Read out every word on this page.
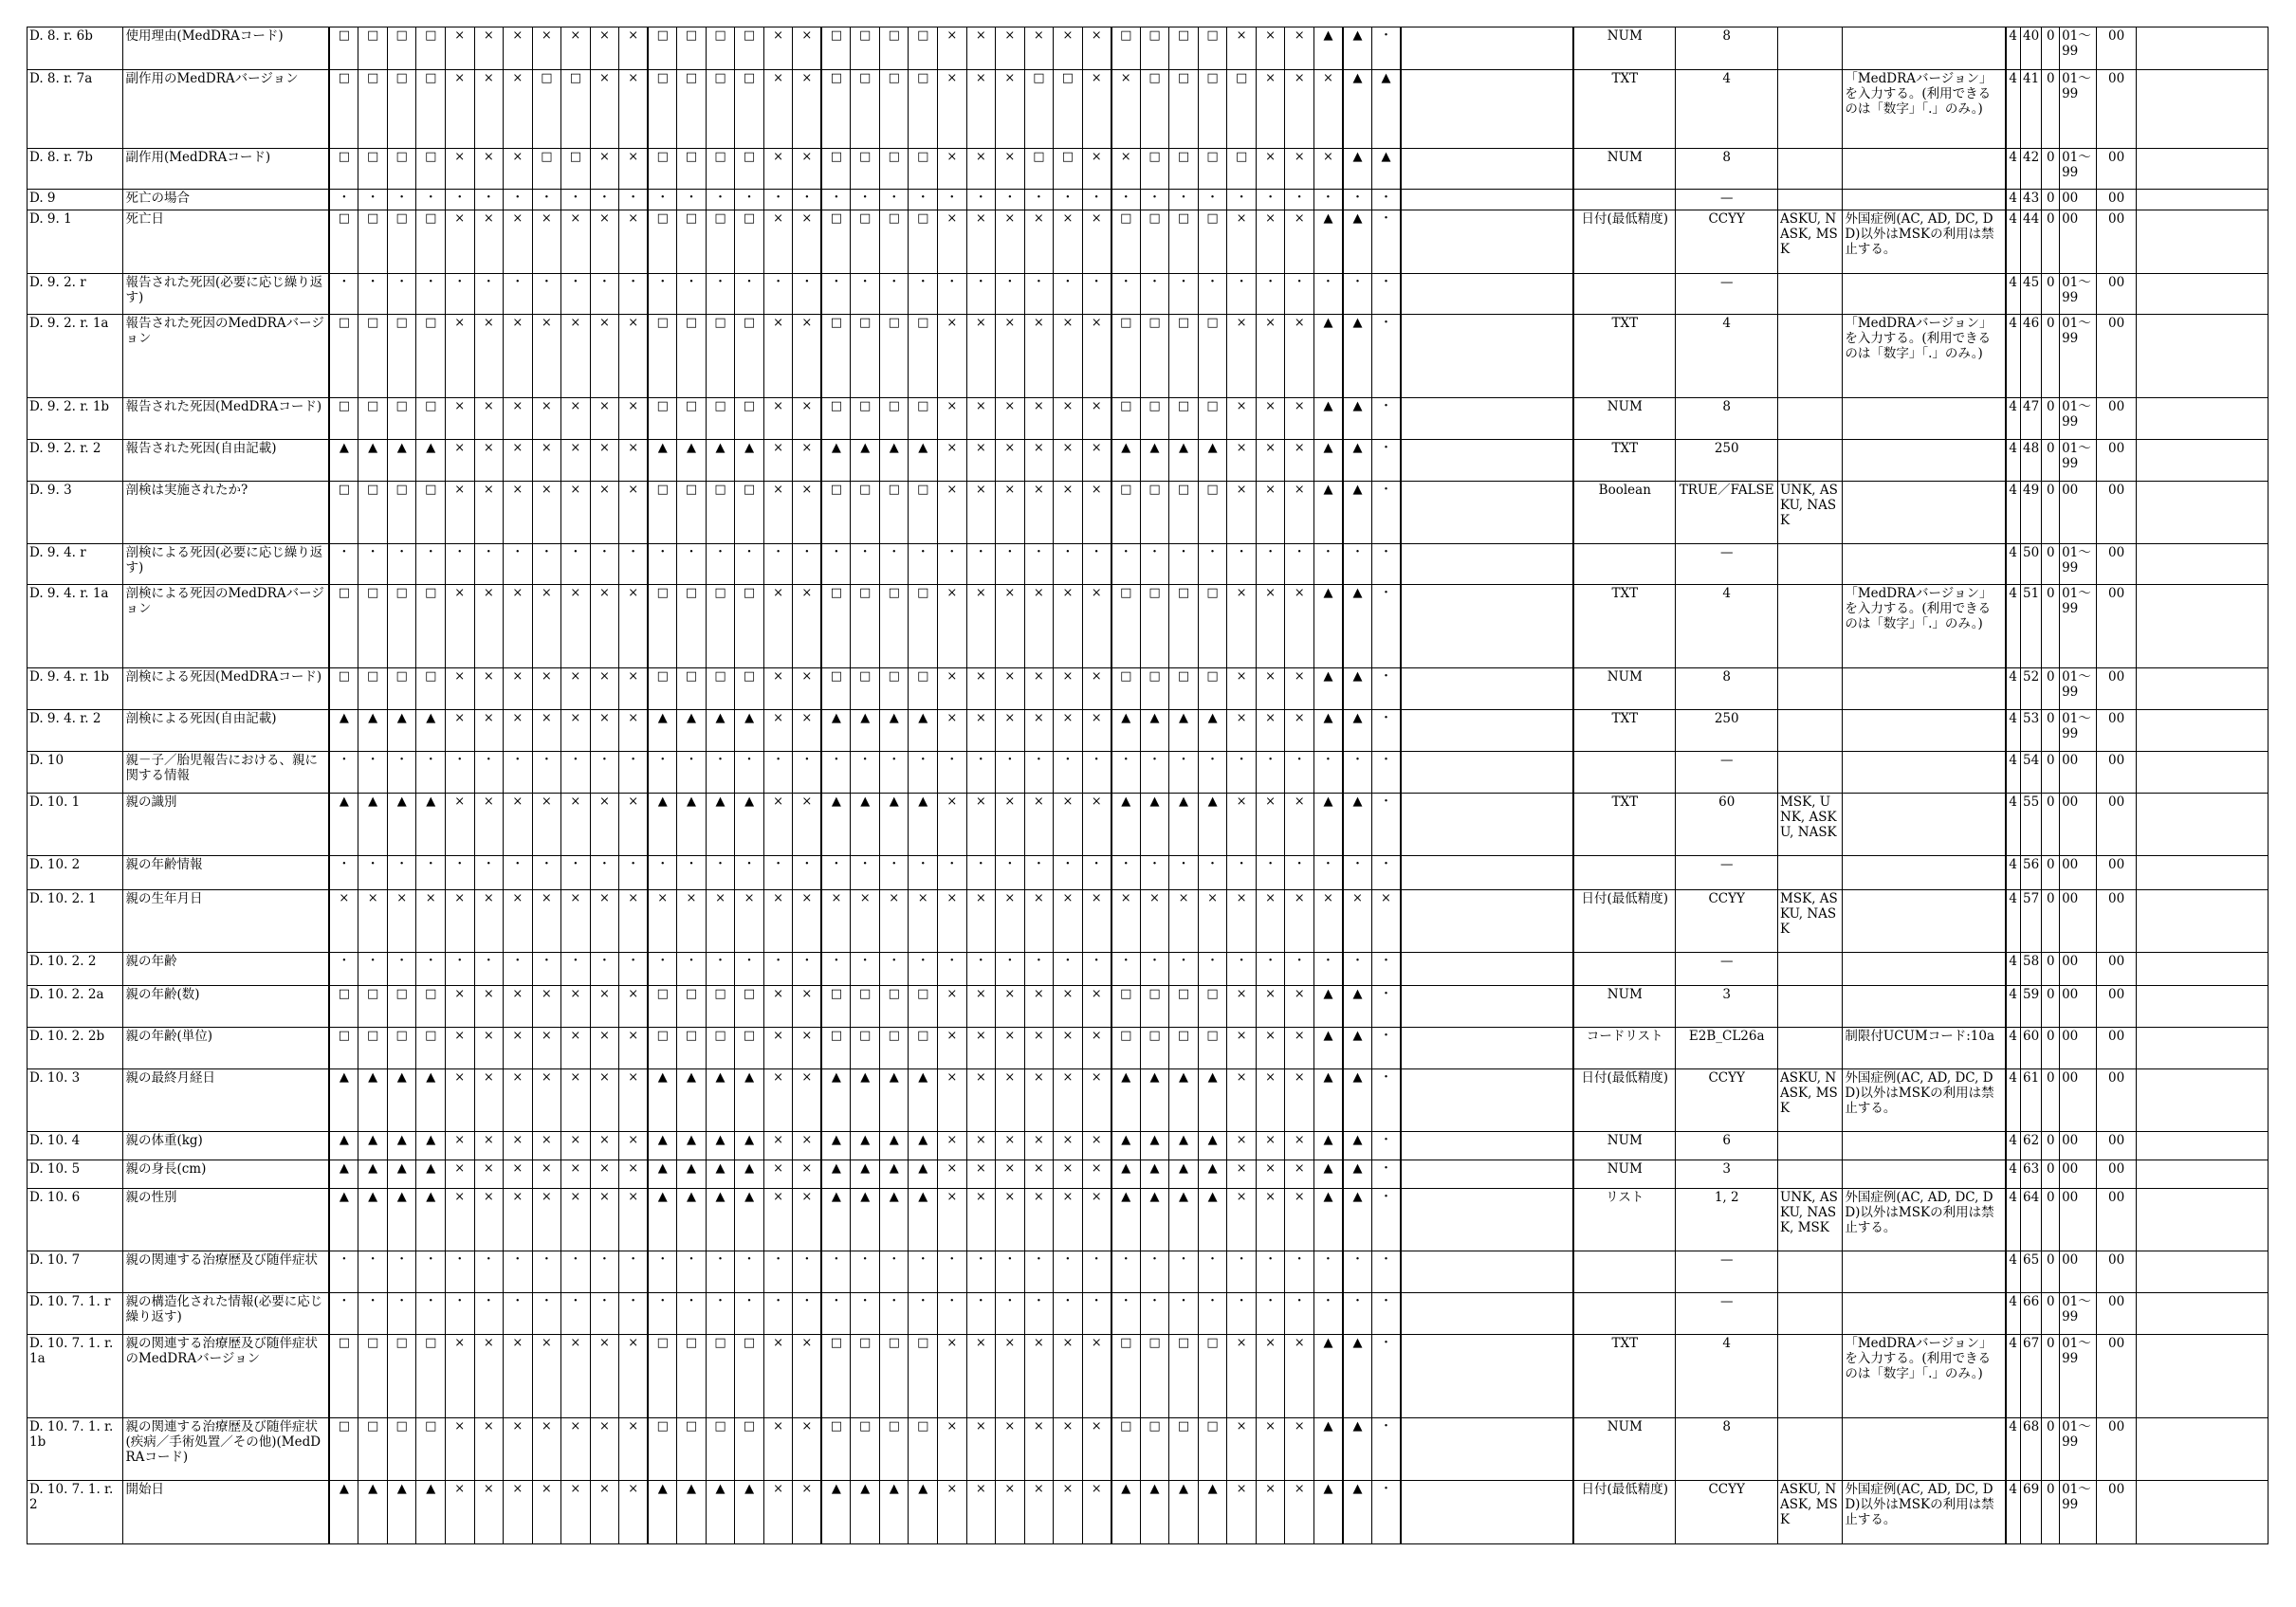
D. 8. r. 6b	使用理由(MedDRAコード)	□	□	□	□	×	×	×	×	×	×	×	□	□	□	□	×	×	□	□	□	□	×	×	×	×	×	×	□	□	□	□	×	×	×	▲	▲	・		NUM	8			4	40	0	01～99	00	
D. 8. r. 7a	副作用のMedDRAバージョン	□	□	□	□	×	×	×	□	□	×	×	□	□	□	□	×	×	□	□	□	□	×	×	×	□	□	×	×	□	□	□	□	×	×	×	▲	▲		TXT	4		「MedDRAバージョン」を入力する。(利用できるのは「数字」「.」のみ。)	4	41	0	01～99	00	
D. 8. r. 7b	副作用(MedDRAコード)	□	□	□	□	×	×	×	□	□	×	×	□	□	□	□	×	×	□	□	□	□	×	×	×	□	□	×	×	□	□	□	□	×	×	×	▲	▲		NUM	8			4	42	0	01～99	00	
D. 9	死亡の場合	・	・	・	・	・	・	・	・	・	・	・	・	・	・	・	・	・	・	・	・	・	・	・	・	・	・	・	・	・	・	・	・	・	・	・	・	・			—			4	43	0	00	00	
D. 9. 1	死亡日	□	□	□	□	×	×	×	×	×	×	×	□	□	□	□	×	×	□	□	□	□	×	×	×	×	×	×	□	□	□	□	×	×	×	▲	▲	・		日付(最低精度)	CCYY	ASKU, NASK, MSK	外国症例(AC, AD, DC, DD)以外はMSKの利用は禁止する。	4	44	0	00	00	
D. 9. 2. r	報告された死因(必要に応じ繰り返す)	・	・	・	・	・	・	・	・	・	・	・	・	・	・	・	・	・	・	・	・	・	・	・	・	・	・	・	・	・	・	・	・	・	・	・	・	・			—			4	45	0	01～99	00	
D. 9. 2. r. 1a	報告された死因のMedDRAバージョン	□	□	□	□	×	×	×	×	×	×	×	□	□	□	□	×	×	□	□	□	□	×	×	×	×	×	×	□	□	□	□	×	×	×	▲	▲	・		TXT	4		「MedDRAバージョン」を入力する。(利用できるのは「数字」「.」のみ。)	4	46	0	01～99	00	
D. 9. 2. r. 1b	報告された死因(MedDRAコード)	□	□	□	□	×	×	×	×	×	×	×	□	□	□	□	×	×	□	□	□	□	×	×	×	×	×	×	□	□	□	□	×	×	×	▲	▲	・		NUM	8			4	47	0	01～99	00	
D. 9. 2. r. 2	報告された死因(自由記載)	▲	▲	▲	▲	×	×	×	×	×	×	×	▲	▲	▲	▲	×	×	▲	▲	▲	▲	×	×	×	×	×	×	▲	▲	▲	▲	×	×	×	▲	▲	・		TXT	250			4	48	0	01～99	00	
D. 9. 3	剖検は実施されたか?	□	□	□	□	×	×	×	×	×	×	×	□	□	□	□	×	×	□	□	□	□	×	×	×	×	×	×	□	□	□	□	×	×	×	▲	▲	・		Boolean	TRUE／FALSE	UNK, ASKU, NASK		4	49	0	00	00	
D. 9. 4. r	剖検による死因(必要に応じ繰り返す)	・	・	・	・	・	・	・	・	・	・	・	・	・	・	・	・	・	・	・	・	・	・	・	・	・	・	・	・	・	・	・	・	・	・	・	・	・			—			4	50	0	01～99	00	
D. 9. 4. r. 1a	剖検による死因のMedDRAバージョン	□	□	□	□	×	×	×	×	×	×	×	□	□	□	□	×	×	□	□	□	□	×	×	×	×	×	×	□	□	□	□	×	×	×	▲	▲	・		TXT	4		「MedDRAバージョン」を入力する。(利用できるのは「数字」「.」のみ。)	4	51	0	01～99	00	
D. 9. 4. r. 1b	剖検による死因(MedDRAコード)	□	□	□	□	×	×	×	×	×	×	×	□	□	□	□	×	×	□	□	□	□	×	×	×	×	×	×	□	□	□	□	×	×	×	▲	▲	・		NUM	8			4	52	0	01～99	00	
D. 9. 4. r. 2	剖検による死因(自由記載)	▲	▲	▲	▲	×	×	×	×	×	×	×	▲	▲	▲	▲	×	×	▲	▲	▲	▲	×	×	×	×	×	×	▲	▲	▲	▲	×	×	×	▲	▲	・		TXT	250			4	53	0	01～99	00	
D. 10	親－子／胎児報告における、親に関する情報	・	・	・	・	・	・	・	・	・	・	・	・	・	・	・	・	・	・	・	・	・	・	・	・	・	・	・	・	・	・	・	・	・	・	・	・	・			—			4	54	0	00	00	
D. 10. 1	親の識別	▲	▲	▲	▲	×	×	×	×	×	×	×	▲	▲	▲	▲	×	×	▲	▲	▲	▲	×	×	×	×	×	×	▲	▲	▲	▲	×	×	×	▲	▲	・		TXT	60	MSK, UNK, ASKU, NASK		4	55	0	00	00	
D. 10. 2	親の年齢情報	・	・	・	・	・	・	・	・	・	・	・	・	・	・	・	・	・	・	・	・	・	・	・	・	・	・	・	・	・	・	・	・	・	・	・	・	・			—			4	56	0	00	00	
D. 10. 2. 1	親の生年月日	×	×	×	×	×	×	×	×	×	×	×	×	×	×	×	×	×	×	×	×	×	×	×	×	×	×	×	×	×	×	×	×	×	×	×	×	×		日付(最低精度)	CCYY	MSK, ASKU, NASK		4	57	0	00	00	
D. 10. 2. 2	親の年齢	・	・	・	・	・	・	・	・	・	・	・	・	・	・	・	・	・	・	・	・	・	・	・	・	・	・	・	・	・	・	・	・	・	・	・	・	・			—			4	58	0	00	00	
D. 10. 2. 2a	親の年齢(数)	□	□	□	□	×	×	×	×	×	×	×	□	□	□	□	×	×	□	□	□	□	×	×	×	×	×	×	□	□	□	□	×	×	×	▲	▲	・		NUM	3			4	59	0	00	00	
D. 10. 2. 2b	親の年齢(単位)	□	□	□	□	×	×	×	×	×	×	×	□	□	□	□	×	×	□	□	□	□	×	×	×	×	×	×	□	□	□	□	×	×	×	▲	▲	・		コードリスト	E2B_CL26a		制限付UCUMコード:10a	4	60	0	00	00	
D. 10. 3	親の最終月経日	▲	▲	▲	▲	×	×	×	×	×	×	×	▲	▲	▲	▲	×	×	▲	▲	▲	▲	×	×	×	×	×	×	▲	▲	▲	▲	×	×	×	▲	▲	・		日付(最低精度)	CCYY	ASKU, NASK, MSK	外国症例(AC, AD, DC, DD)以外はMSKの利用は禁止する。	4	61	0	00	00	
D. 10. 4	親の体重(kg)	▲	▲	▲	▲	×	×	×	×	×	×	×	▲	▲	▲	▲	×	×	▲	▲	▲	▲	×	×	×	×	×	×	▲	▲	▲	▲	×	×	×	▲	▲	・		NUM	6			4	62	0	00	00	
D. 10. 5	親の身長(cm)	▲	▲	▲	▲	×	×	×	×	×	×	×	▲	▲	▲	▲	×	×	▲	▲	▲	▲	×	×	×	×	×	×	▲	▲	▲	▲	×	×	×	▲	▲	・		NUM	3			4	63	0	00	00	
D. 10. 6	親の性別	▲	▲	▲	▲	×	×	×	×	×	×	×	▲	▲	▲	▲	×	×	▲	▲	▲	▲	×	×	×	×	×	×	▲	▲	▲	▲	×	×	×	▲	▲	・		リスト	1, 2	UNK, ASKU, NASK, MSK	外国症例(AC, AD, DC, DD)以外はMSKの利用は禁止する。	4	64	0	00	00	
D. 10. 7	親の関連する治療歴及び随伴症状	・	・	・	・	・	・	・	・	・	・	・	・	・	・	・	・	・	・	・	・	・	・	・	・	・	・	・	・	・	・	・	・	・	・	・	・	・			—			4	65	0	00	00	
D. 10. 7. 1. r	親の構造化された情報(必要に応じ繰り返す)	・	・	・	・	・	・	・	・	・	・	・	・	・	・	・	・	・	・	・	・	・	・	・	・	・	・	・	・	・	・	・	・	・	・	・	・	・			—			4	66	0	01～99	00	
D. 10. 7. 1. r. 1a	親の関連する治療歴及び随伴症状のMedDRAバージョン	□	□	□	□	×	×	×	×	×	×	×	□	□	□	□	×	×	□	□	□	□	×	×	×	×	×	×	□	□	□	□	×	×	×	▲	▲	・		TXT	4		「MedDRAバージョン」を入力する。(利用できるのは「数字」「.」のみ。)	4	67	0	01～99	00	
D. 10. 7. 1. r. 1b	親の関連する治療歴及び随伴症状(疾病／手術処置／その他)(MedDRAコード)	□	□	□	□	×	×	×	×	×	×	×	□	□	□	□	×	×	□	□	□	□	×	×	×	×	×	×	□	□	□	□	×	×	×	▲	▲	・		NUM	8			4	68	0	01～99	00	
D. 10. 7. 1. r. 2	開始日	▲	▲	▲	▲	×	×	×	×	×	×	×	▲	▲	▲	▲	×	×	▲	▲	▲	▲	×	×	×	×	×	×	▲	▲	▲	▲	×	×	×	▲	▲	・		日付(最低精度)	CCYY	ASKU, NASK, MSK	外国症例(AC, AD, DC, DD)以外はMSKの利用は禁止する。	4	69	0	01～99	00	
